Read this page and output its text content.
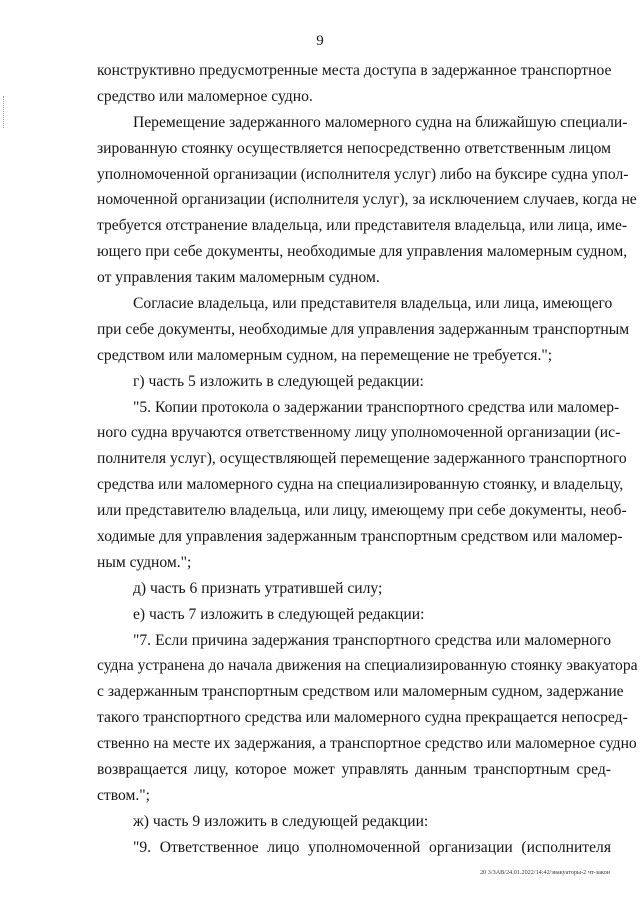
9
конструктивно предусмотренные места доступа в задержанное транспортное
средство или маломерное судно.
Перемещение задержанного маломерного судна на ближайшую специали-
зированную стоянку осуществляется непосредственно ответственным лицом
уполномоченной организации (исполнителя услуг) либо на буксире судна упол-
номоченной организации (исполнителя услуг), за исключением случаев, когда не
требуется отстранение владельца, или представителя владельца, или лица, име-
ющего при себе документы, необходимые для управления маломерным судном,
от управления таким маломерным судном.
Согласие владельца, или представителя владельца, или лица, имеющего
при себе документы, необходимые для управления задержанным транспортным
средством или маломерным судном, на перемещение не требуется.";
г) часть 5 изложить в следующей редакции:
"5. Копии протокола о задержании транспортного средства или маломер-
ного судна вручаются ответственному лицу уполномоченной организации (ис-
полнителя услуг), осуществляющей перемещение задержанного транспортного
средства или маломерного судна на специализированную стоянку, и владельцу,
или представителю владельца, или лицу, имеющему при себе документы, необ-
ходимые для управления задержанным транспортным средством или маломер-
ным судном.";
д) часть 6 признать утратившей силу;
е) часть 7 изложить в следующей редакции:
"7. Если причина задержания транспортного средства или маломерного
судна устранена до начала движения на специализированную стоянку эвакуатора
с задержанным транспортным средством или маломерным судном, задержание
такого транспортного средства или маломерного судна прекращается непосред-
ственно на месте их задержания, а транспортное средство или маломерное судно
возвращается лицу, которое может управлять данным транспортным сред-
ством.";
ж) часть 9 изложить в следующей редакции:
"9. Ответственное лицо уполномоченной организации (исполнителя
20 3/ЗАВ/24.01.2022/14:42/эвакуаторы-2 чт-закон
